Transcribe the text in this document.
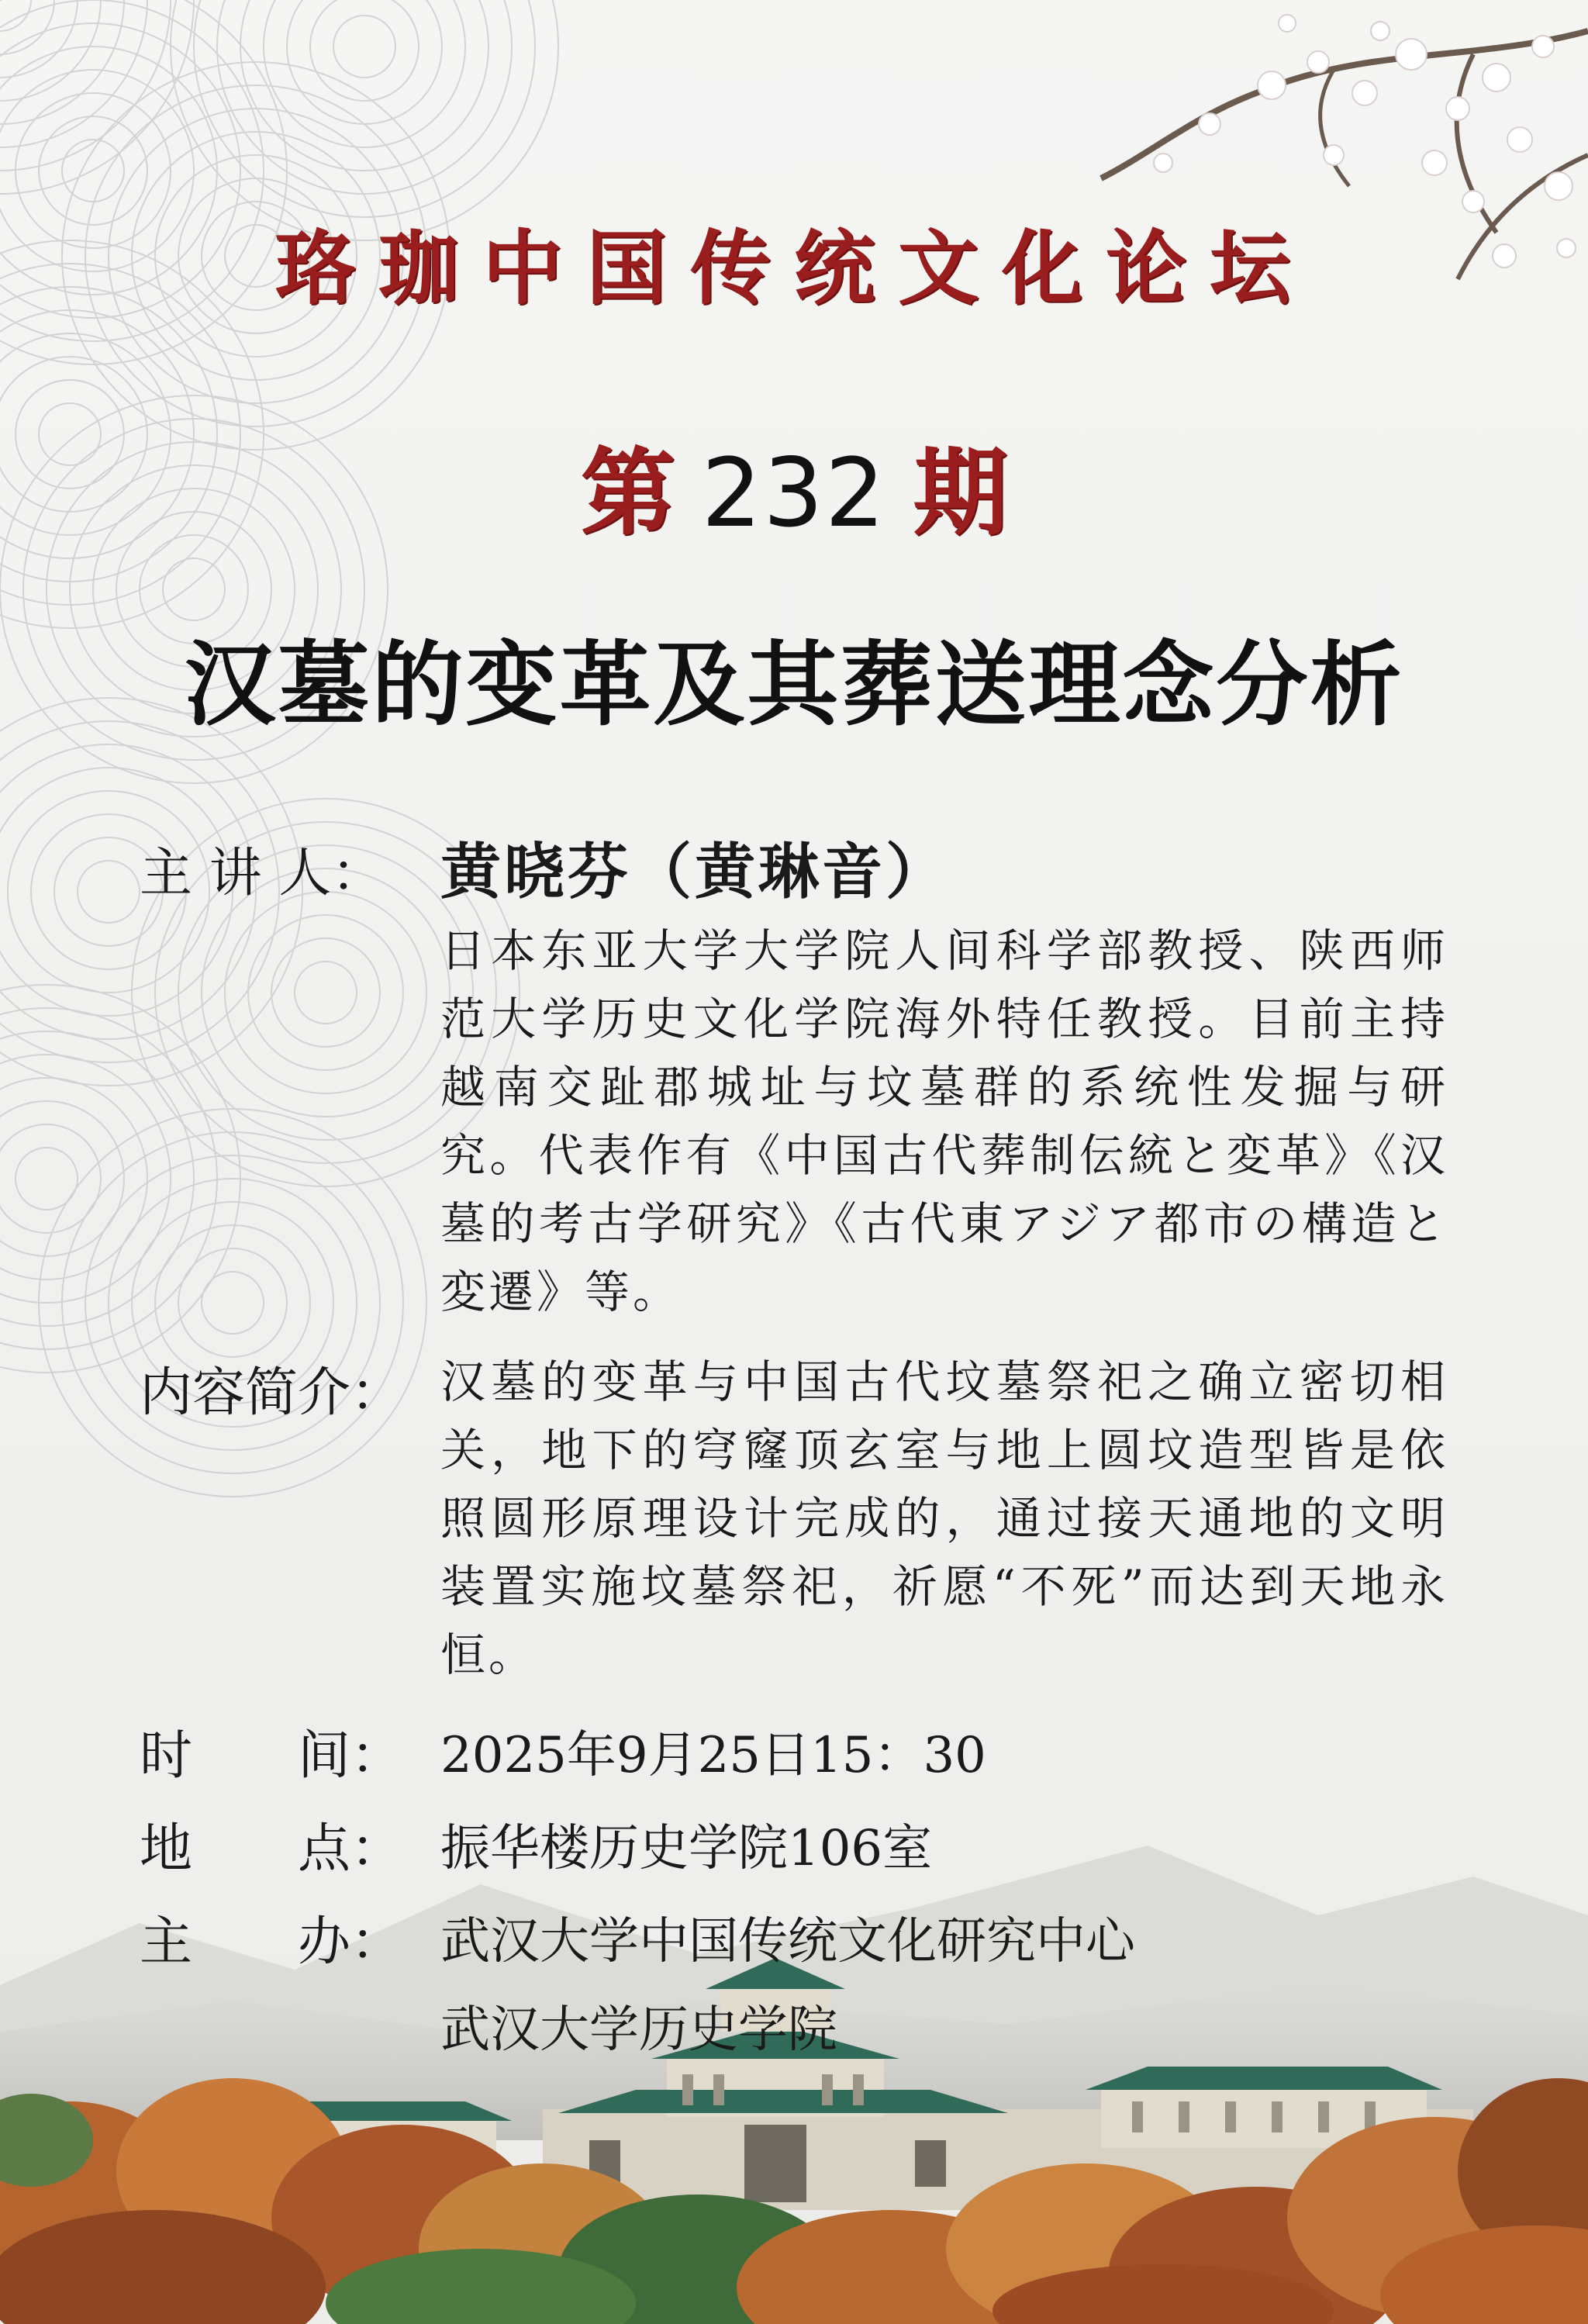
珞珈中国传统文化论坛
第 232 期
汉墓的变革及其葬送理念分析
主 讲 人： 黄晓芬（黄琳音）
日本东亚大学大学院人间科学部教授、陕西师范大学历史文化学院海外特任教授。目前主持越南交趾郡城址与坟墓群的系统性发掘与研究。代表作有《中国古代葬制伝統と変革》《汉墓的考古学研究》《古代東アジア都市の構造と変遷》等。
内容简介： 汉墓的变革与中国古代坟墓祭祀之确立密切相关，地下的穹窿顶玄室与地上圆坟造型皆是依照圆形原理设计完成的，通过接天通地的文明装置实施坟墓祭祀，祈愿“不死”而达到天地永恒。
时　　间： 2025年9月25日15：30
地　　点： 振华楼历史学院106室
主　　办： 武汉大学中国传统文化研究中心
武汉大学历史学院
